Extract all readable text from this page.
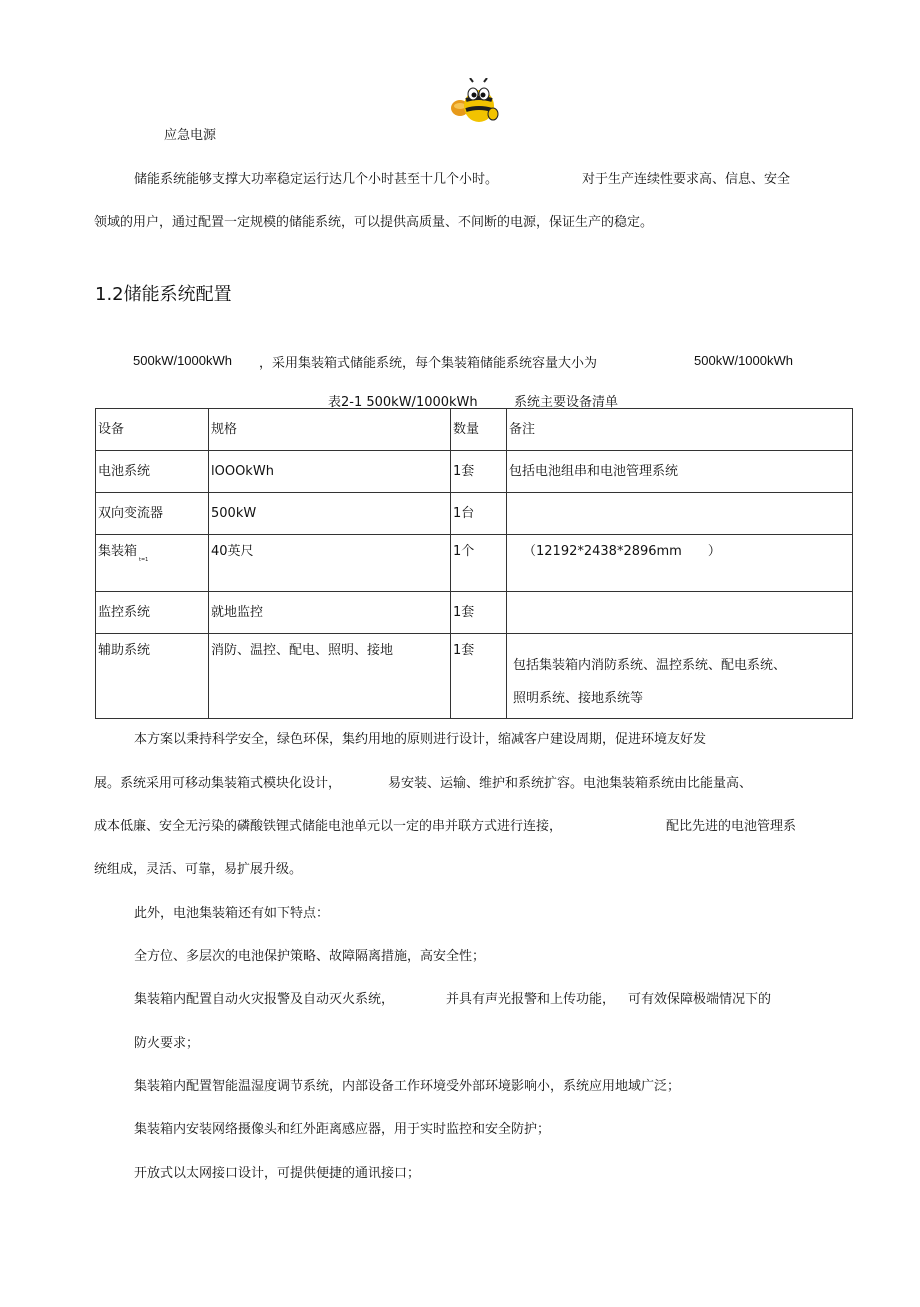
应急电源
储能系统能够支撑大功率稳定运行达几个小时甚至十几个小时。	对于生产连续性要求高、信息、安全
领域的用户，通过配置一定规模的储能系统，可以提供高质量、不间断的电源，保证生产的稳定。
1.2储能系统配置
500kW/1000kWh ，采用集装箱式储能系统，每个集装箱储能系统容量大小为	500kW/1000kWh
表2-1 500kW/1000kWh	系统主要设备清单
设备	规格	数量	备注
电池系统	lOOOkWh	1套	包括电池组串和电池管理系统
双向变流器	500kW	1台	
集装箱$_{t=1}$	40英尺	1个	（12192*2438*2896mm　　）
监控系统	就地监控	1套	
辅助系统	消防、温控、配电、照明、接地	1套	包括集装箱内消防系统、温控系统、配电系统、
照明系统、接地系统等
本方案以秉持科学安全，绿色环保，集约用地的原则进行设计，缩减客户建设周期，促进环境友好发
展。系统采用可移动集装箱式模块化设计，	易安装、运输、维护和系统扩容。电池集装箱系统由比能量高、
成本低廉、安全无污染的磷酸铁锂式储能电池单元以一定的串并联方式进行连接，	配比先进的电池管理系
统组成，灵活、可靠，易扩展升级。
此外，电池集装箱还有如下特点：
全方位、多层次的电池保护策略、故障隔离措施，高安全性；
集装箱内配置自动火灾报警及自动灭火系统，	并具有声光报警和上传功能， 可有效保障极端情况下的
防火要求；
集装箱内配置智能温湿度调节系统，内部设备工作环境受外部环境影响小，系统应用地域广泛；
集装箱内安装网络摄像头和红外距离感应器，用于实时监控和安全防护；
开放式以太网接口设计，可提供便捷的通讯接口；
